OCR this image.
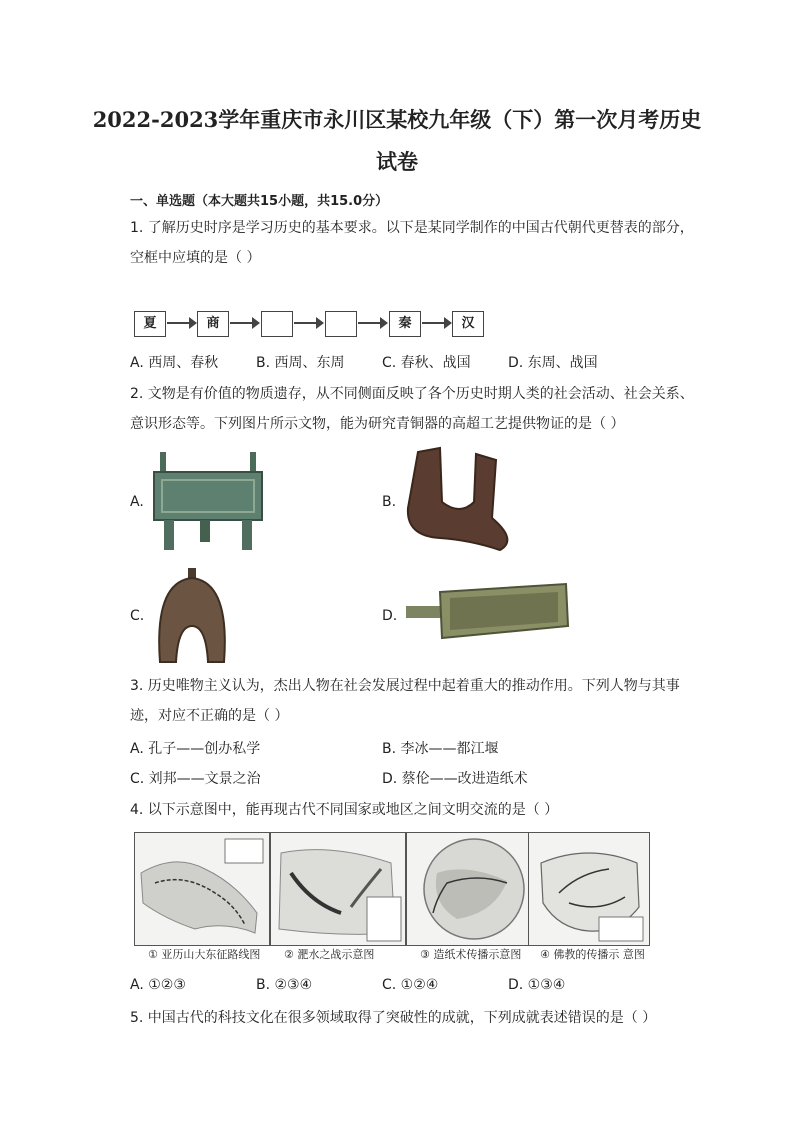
2022-2023学年重庆市永川区某校九年级（下）第一次月考历史
试卷
一、单选题（本大题共15小题，共15.0分）
1. 了解历史时序是学习历史的基本要求。以下是某同学制作的中国古代朝代更替表的部分，
空框中应填的是（ ）
夏	商	秦	汉
A. 西周、春秋	B. 西周、东周	C. 春秋、战国	D. 东周、战国
2. 文物是有价值的物质遗存，从不同侧面反映了各个历史时期人类的社会活动、社会关系、
意识形态等。下列图片所示文物，能为研究青铜器的高超工艺提供物证的是（ ）
A.	B.
C.	D.
3. 历史唯物主义认为，杰出人物在社会发展过程中起着重大的推动作用。下列人物与其事
迹，对应不正确的是（ ）
A. 孔子——创办私学	B. 李冰——都江堰
C. 刘邦——文景之治	D. 蔡伦——改进造纸术
4. 以下示意图中，能再现古代不同国家或地区之间文明交流的是（ ）
① 亚历山大东征路线图 ② 淝水之战示意图	③ 造纸术传播示意图 ④ 佛教的传播示 意图
A. ①②③	B. ②③④	C. ①②④	D. ①③④
5. 中国古代的科技文化在很多领域取得了突破性的成就，下列成就表述错误的是（ ）
